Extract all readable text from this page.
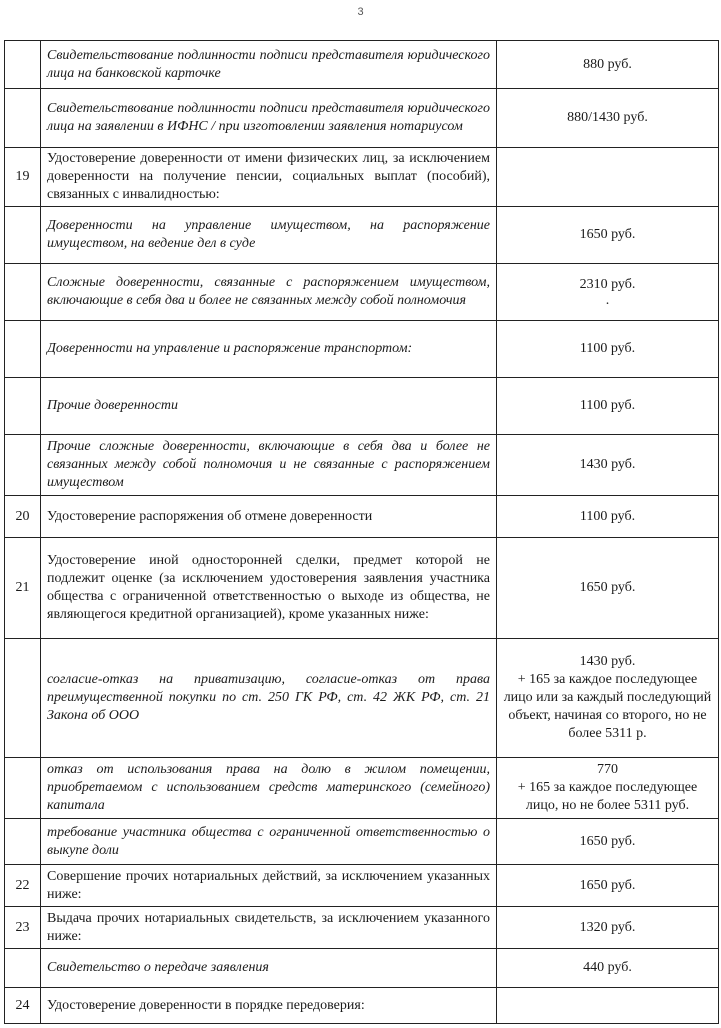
3
	Свидетельствование подлинности подписи представителя юридического лица на банковской карточке	880 руб.
	Свидетельствование подлинности подписи представителя юридического лица на заявлении в ИФНС / при изготовлении заявления нотариусом	880/1430 руб.
19	Удостоверение доверенности от имени физических лиц, за исключением доверенности на получение пенсии, социальных выплат (пособий), связанных с инвалидностью:	
	Доверенности на управление имуществом, на распоряжение имуществом, на ведение дел в суде	1650 руб.
	Сложные доверенности, связанные с распоряжением имуществом, включающие в себя два и более не связанных между собой полномочия	2310 руб.
.

	Доверенности на управление и распоряжение транспортом:	1100 руб.
	Прочие доверенности	1100 руб.
	Прочие сложные доверенности, включающие в себя два и более не связанных между собой полномочия и не связанные с распоряжением имуществом	1430 руб.
20	Удостоверение распоряжения об отмене доверенности	1100 руб.
21	Удостоверение иной односторонней сделки, предмет которой не подлежит оценке (за исключением удостоверения заявления участника общества с ограниченной ответственностью о выходе из общества, не являющегося кредитной организацией), кроме указанных ниже:	1650 руб.
	согласие-отказ на приватизацию, согласие-отказ от права преимущественной покупки по ст. 250 ГК РФ, ст. 42 ЖК РФ, ст. 21 Закона об ООО	1430 руб.
+ 165 за каждое последующее лицо или за каждый последующий объект, начиная со второго, но не более 5311 р.
	отказ от использования права на долю в жилом помещении, приобретаемом с использованием средств материнского (семейного) капитала	770
+ 165 за каждое последующее лицо, но не более 5311 руб.
	требование участника общества с ограниченной ответственностью о выкупе доли	1650 руб.
22	Совершение прочих нотариальных действий, за исключением указанных ниже:	1650 руб.
23	Выдача прочих нотариальных свидетельств, за исключением указанного ниже:	1320 руб.
	Свидетельство о передаче заявления	440 руб.
24	Удостоверение доверенности в порядке передоверия:	
